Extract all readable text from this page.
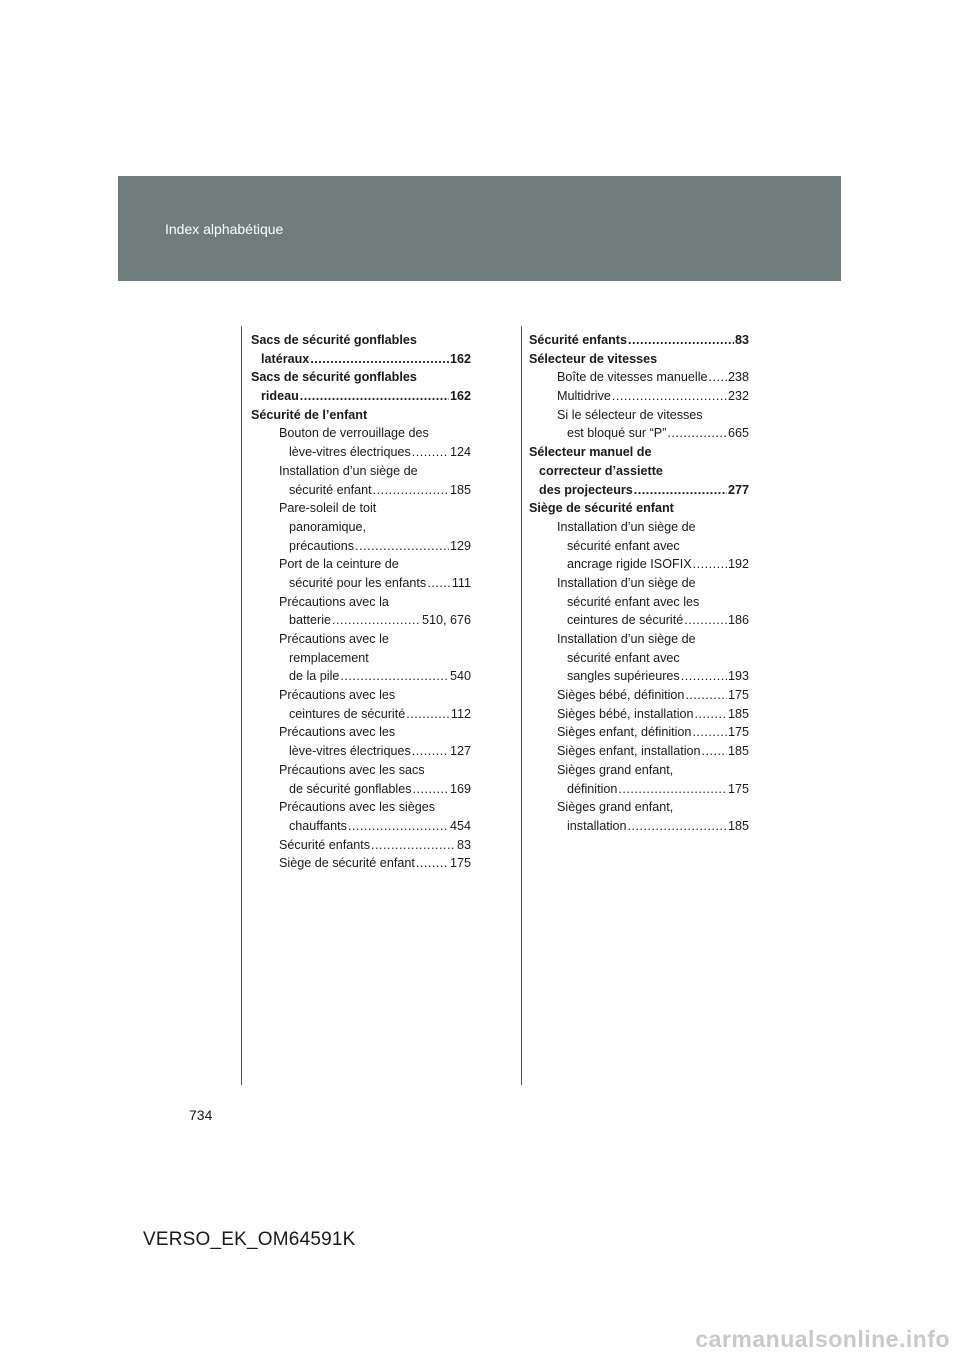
Index alphabétique
Sacs de sécurité gonflables
latéraux .....	162
Sacs de sécurité gonflables
rideau .....	162
Sécurité de l’enfant
Bouton de verrouillage des
lève-vitres électriques .....	124
Installation d’un siège de
sécurité enfant .....	185
Pare-soleil de toit
panoramique,
précautions .....	129
Port de la ceinture de
sécurité pour les enfants ..... 111
Précautions avec la
batterie .....	510, 676
Précautions avec le
remplacement
de la pile .....	540
Précautions avec les
ceintures de sécurité .....	112
Précautions avec les
lève-vitres électriques .....	127
Précautions avec les sacs
de sécurité gonflables .....	169
Précautions avec les sièges
chauffants .....	454
Sécurité enfants .....	83
Siège de sécurité enfant .....	175
Sécurité enfants .....	83
Sélecteur de vitesses
Boîte de vitesses manuelle ..... 238
Multidrive .....	232
Si le sélecteur de vitesses
est bloqué sur “P” .....	665
Sélecteur manuel de
correcteur d’assiette
des projecteurs .....	277
Siège de sécurité enfant
Installation d’un siège de
sécurité enfant avec
ancrage rigide ISOFIX .....	192
Installation d’un siège de
sécurité enfant avec les
ceintures de sécurité .....	186
Installation d’un siège de
sécurité enfant avec
sangles supérieures .....	193
Sièges bébé, définition .....	175
Sièges bébé, installation .....	185
Sièges enfant, définition .....	175
Sièges enfant, installation ..... 185
Sièges grand enfant,
définition .....	175
Sièges grand enfant,
installation .....	185
734
VERSO_EK_OM64591K
carmanualsonline.info
